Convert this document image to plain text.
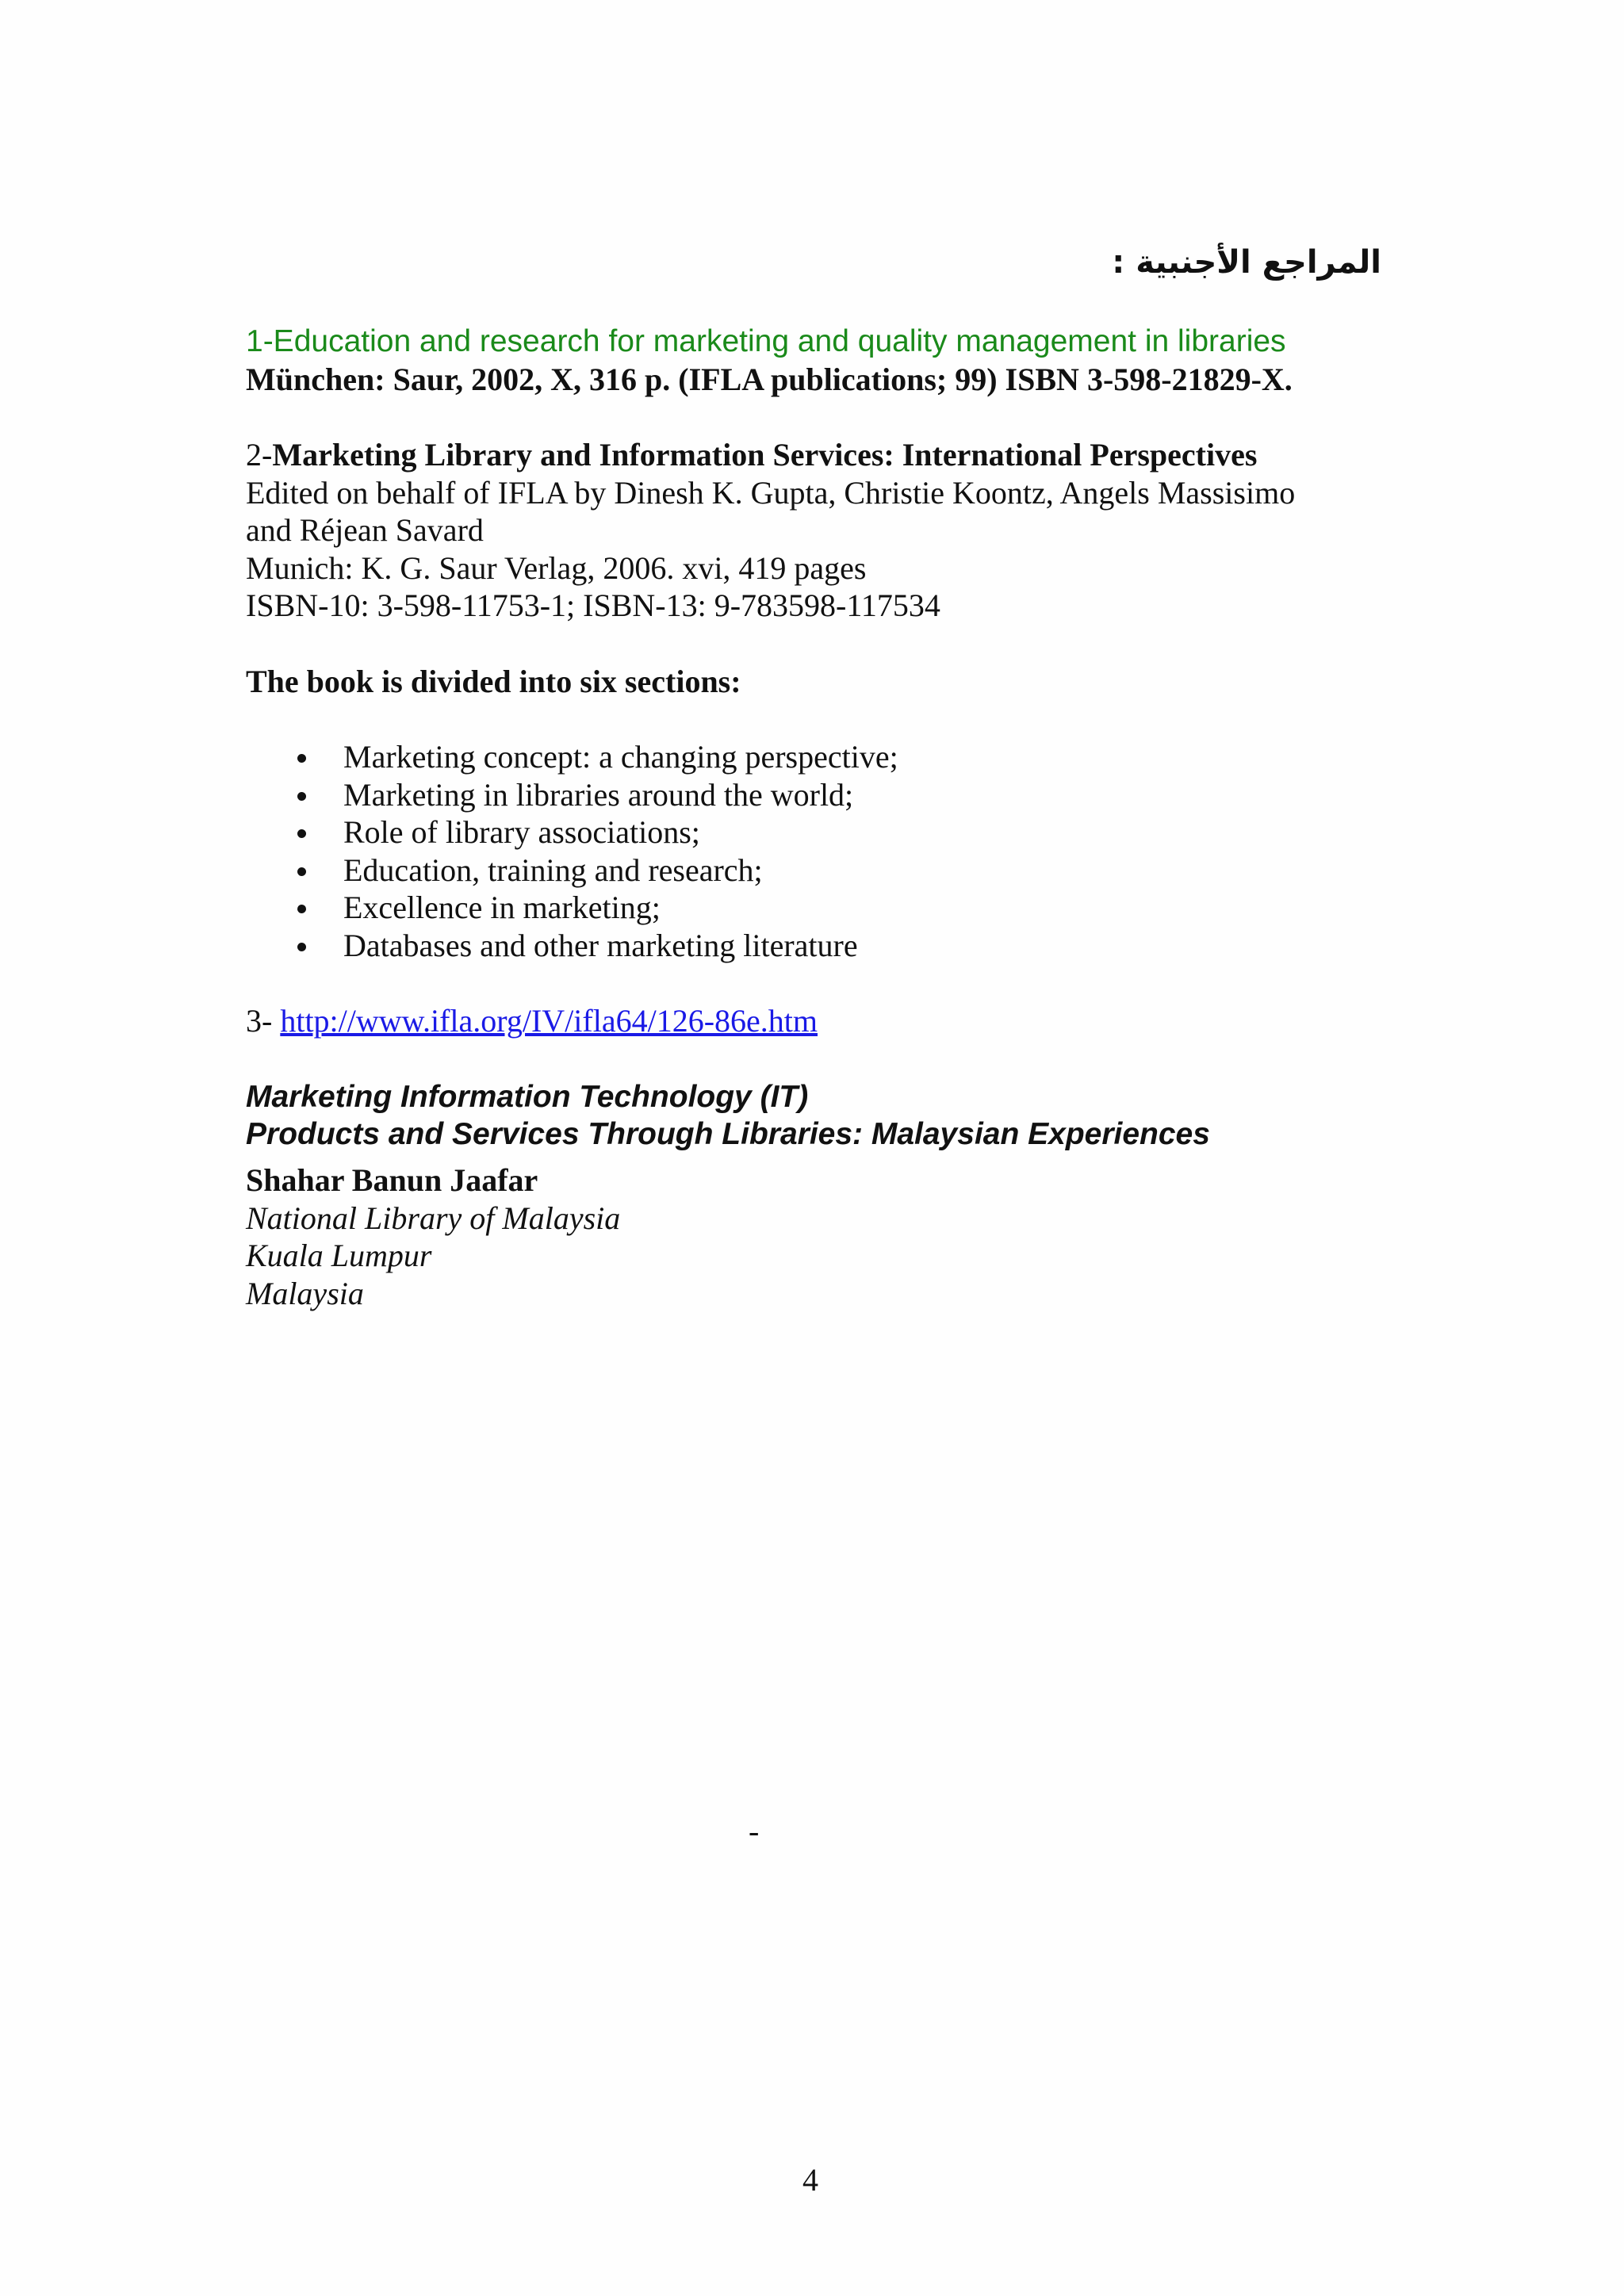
المراجع الأجنبية :
1-Education and research for marketing and quality management in libraries
München: Saur, 2002, X, 316 p. (IFLA publications; 99) ISBN 3-598-21829-X.
2-Marketing Library and Information Services: International Perspectives
Edited on behalf of IFLA by Dinesh K. Gupta, Christie Koontz, Angels Massisimo
and Réjean Savard
Munich: K. G. Saur Verlag, 2006. xvi, 419 pages
ISBN-10: 3-598-11753-1; ISBN-13: 9-783598-117534
The book is divided into six sections:
Marketing concept: a changing perspective;
Marketing in libraries around the world;
Role of library associations;
Education, training and research;
Excellence in marketing;
Databases and other marketing literature
3- http://www.ifla.org/IV/ifla64/126-86e.htm
Marketing Information Technology (IT)
Products and Services Through Libraries: Malaysian Experiences
Shahar Banun Jaafar
National Library of Malaysia
Kuala Lumpur
Malaysia
-
4
